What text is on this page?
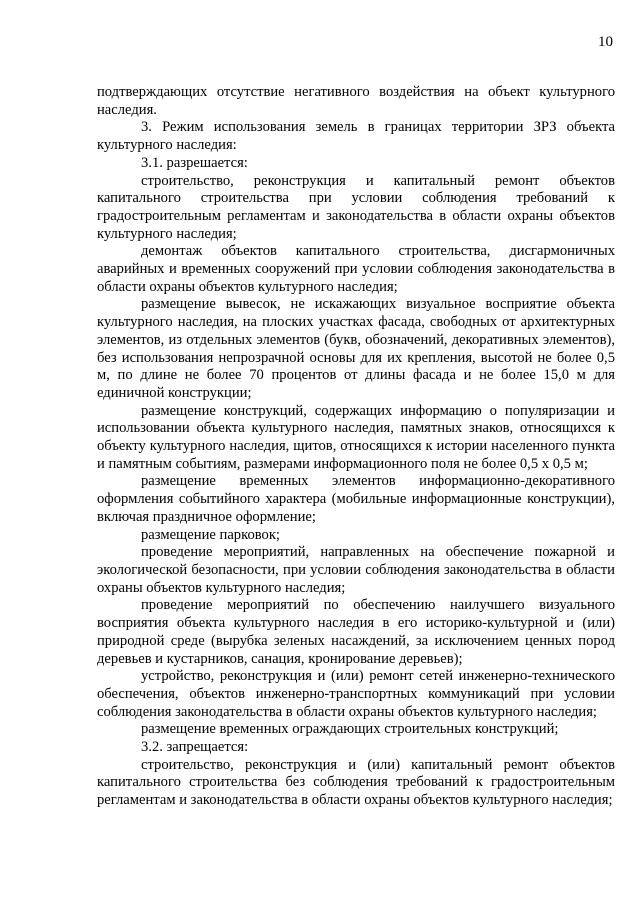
10

подтверждающих отсутствие негативного воздействия на объект культурного наследия.

3. Режим использования земель в границах территории ЗРЗ объекта культурного наследия:

3.1. разрешается:

строительство, реконструкция и капитальный ремонт объектов капитального строительства при условии соблюдения требований к градостроительным регламентам и законодательства в области охраны объектов культурного наследия;

демонтаж объектов капитального строительства, дисгармоничных аварийных и временных сооружений при условии соблюдения законодательства в области охраны объектов культурного наследия;

размещение вывесок, не искажающих визуальное восприятие объекта культурного наследия, на плоских участках фасада, свободных от архитектурных элементов, из отдельных элементов (букв, обозначений, декоративных элементов), без использования непрозрачной основы для их крепления, высотой не более 0,5 м, по длине не более 70 процентов от длины фасада и не более 15,0 м для единичной конструкции;

размещение конструкций, содержащих информацию о популяризации и использовании объекта культурного наследия, памятных знаков, относящихся к объекту культурного наследия, щитов, относящихся к истории населенного пункта и памятным событиям, размерами информационного поля не более 0,5 х 0,5 м;

размещение временных элементов информационно-декоративного оформления событийного характера (мобильные информационные конструкции), включая праздничное оформление;

размещение парковок;

проведение мероприятий, направленных на обеспечение пожарной и экологической безопасности, при условии соблюдения законодательства в области охраны объектов культурного наследия;

проведение мероприятий по обеспечению наилучшего визуального восприятия объекта культурного наследия в его историко-культурной и (или) природной среде (вырубка зеленых насаждений, за исключением ценных пород деревьев и кустарников, санация, кронирование деревьев);

устройство, реконструкция и (или) ремонт сетей инженерно-технического обеспечения, объектов инженерно-транспортных коммуникаций при условии соблюдения законодательства в области охраны объектов культурного наследия;

размещение временных ограждающих строительных конструкций;

3.2. запрещается:

строительство, реконструкция и (или) капитальный ремонт объектов капитального строительства без соблюдения требований к градостроительным регламентам и законодательства в области охраны объектов культурного наследия;
